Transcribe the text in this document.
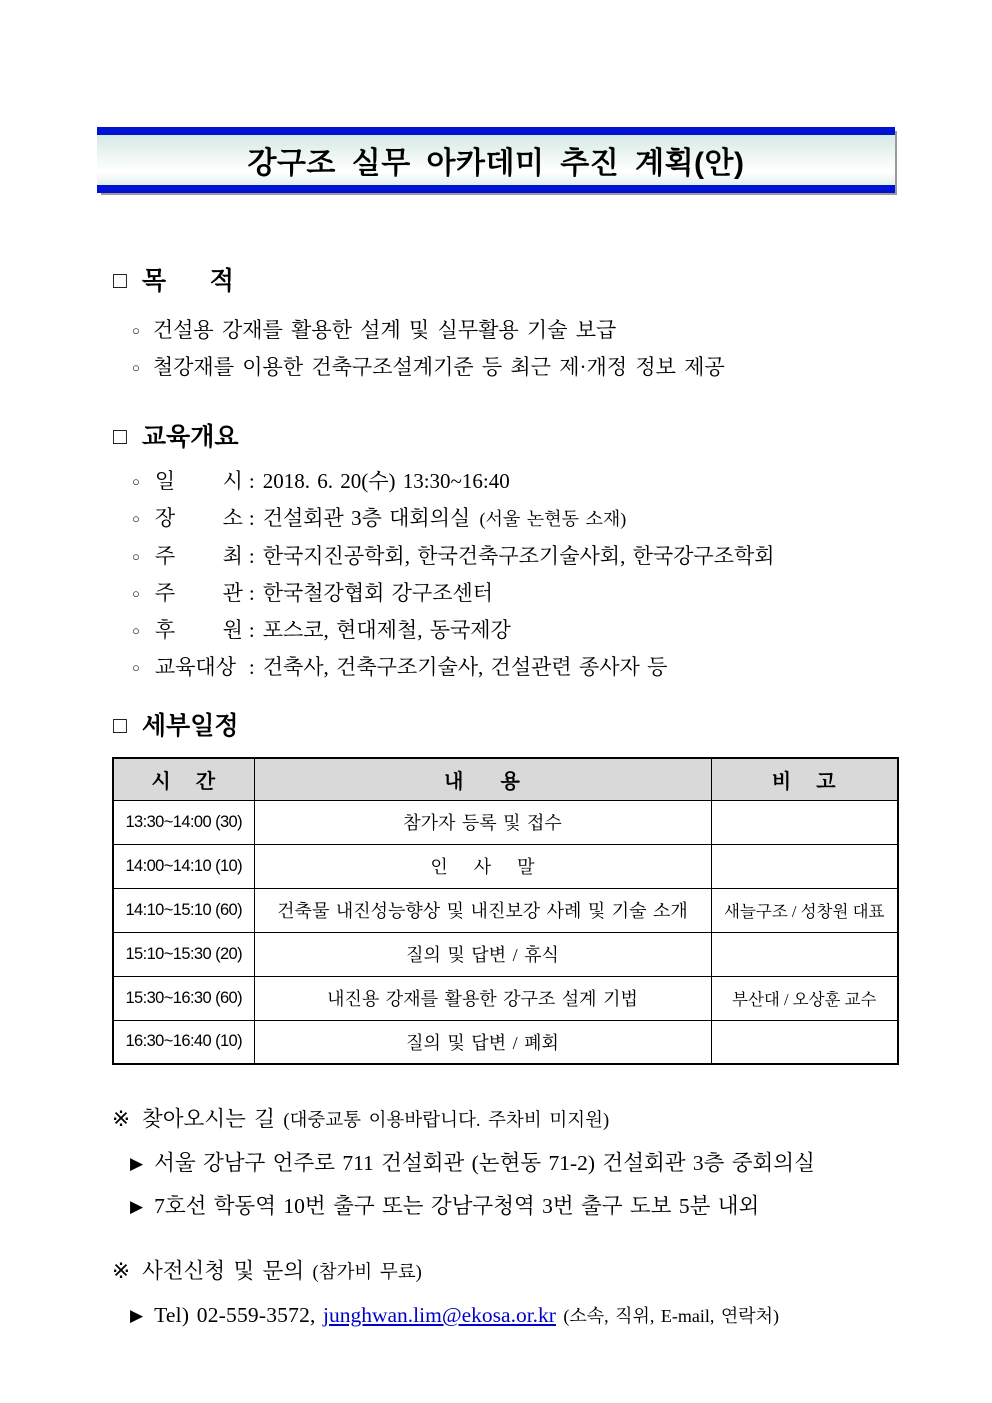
강구조 실무 아카데미 추진 계획(안)
□ 목 적
○ 건설용 강재를 활용한 설계 및 실무활용 기술 보급
○ 철강재를 이용한 건축구조설계기준 등 최근 제·개정 정보 제공
□ 교육개요
○ 일 시 : 2018. 6. 20(수) 13:30~16:40
○ 장 소 : 건설회관 3층 대회의실 (서울 논현동 소재)
○ 주 최 : 한국지진공학회, 한국건축구조기술사회, 한국강구조학회
○ 주 관 : 한국철강협회 강구조센터
○ 후 원 : 포스코, 현대제철, 동국제강
○ 교육대상 : 건축사, 건축구조기술사, 건설관련 종사자 등
□ 세부일정
시    간	내      용	비    고
13:30~14:00 (30)	참가자 등록 및 접수	
14:00~14:10 (10)	인    사    말	
14:10~15:10 (60)	건축물 내진성능향상 및 내진보강 사례 및 기술 소개	새늘구조 / 성창원 대표
15:10~15:30 (20)	질의 및 답변 / 휴식	
15:30~16:30 (60)	내진용 강재를 활용한 강구조 설계 기법	부산대 / 오상훈 교수
16:30~16:40 (10)	질의 및 답변 / 폐회	
※ 찾아오시는 길 (대중교통 이용바랍니다. 주차비 미지원)
▶ 서울 강남구 언주로 711 건설회관 (논현동 71-2) 건설회관 3층 중회의실
▶ 7호선 학동역 10번 출구 또는 강남구청역 3번 출구 도보 5분 내외
※ 사전신청 및 문의 (참가비 무료)
▶ Tel) 02-559-3572, junghwan.lim@ekosa.or.kr (소속, 직위, E-mail, 연락처)
